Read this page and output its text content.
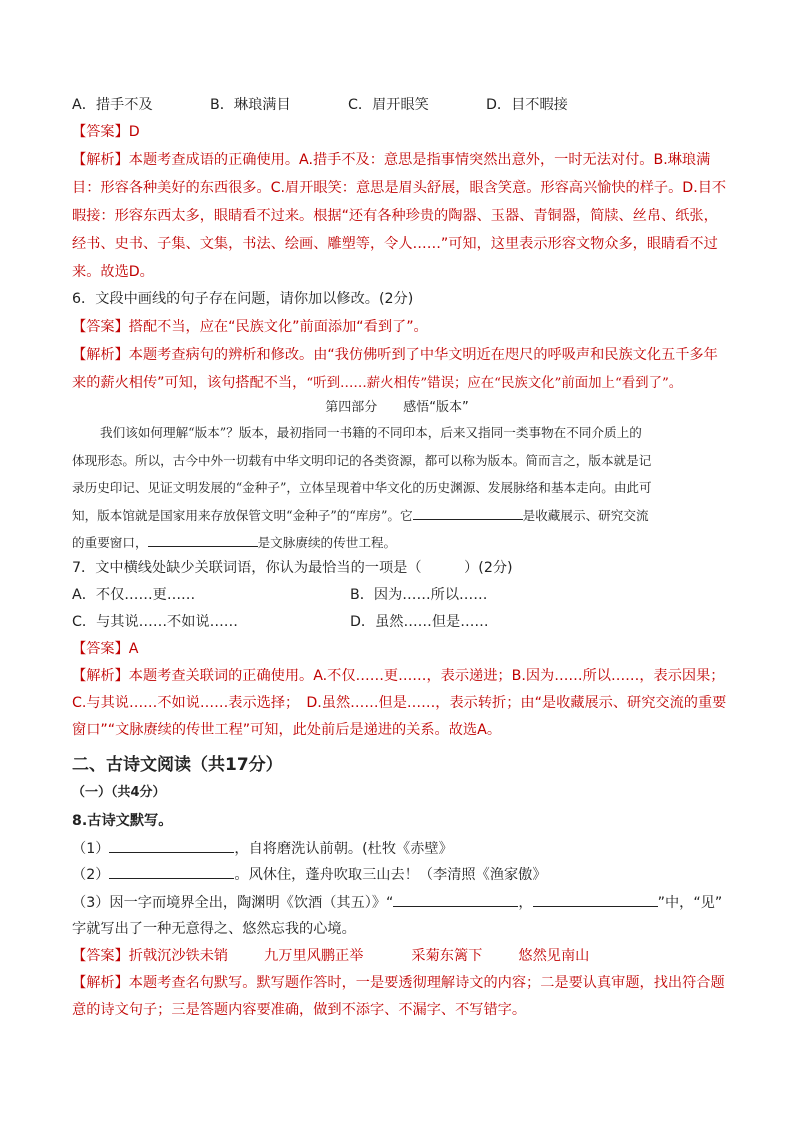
A．措手不及	B．琳琅满目	C．眉开眼笑	D．目不暇接
【答案】D
【解析】本题考查成语的正确使用。A.措手不及：意思是指事情突然出意外，一时无法对付。B.琳琅满
目：形容各种美好的东西很多。C.眉开眼笑：意思是眉头舒展，眼含笑意。形容高兴愉快的样子。D.目不
暇接：形容东西太多，眼睛看不过来。根据“还有各种珍贵的陶器、玉器、青铜器，简牍、丝帛、纸张，
经书、史书、子集、文集，书法、绘画、雕塑等，令人……”可知，这里表示形容文物众多，眼睛看不过
来。故选D。
6．文段中画线的句子存在问题，请你加以修改。(2分)
【答案】搭配不当，应在“民族文化”前面添加“看到了”。
【解析】本题考查病句的辨析和修改。由“我仿佛听到了中华文明近在咫尺的呼吸声和民族文化五千多年
来的薪火相传”可知，该句搭配不当，“听到……薪火相传”错误；应在“民族文化”前面加上“看到了”。
第四部分　　感悟“版本”
我们该如何理解“版本”？版本，最初指同一书籍的不同印本，后来又指同一类事物在不同介质上的
体现形态。所以，古今中外一切载有中华文明印记的各类资源，都可以称为版本。简而言之，版本就是记
录历史印记、见证文明发展的“金种子”，立体呈现着中华文化的历史渊源、发展脉络和基本走向。由此可
知，版本馆就是国家用来存放保管文明“金种子”的“库房”。它	是收藏展示、研究交流
的重要窗口，	是文脉赓续的传世工程。
7．文中横线处缺少关联词语，你认为最恰当的一项是（　　　）(2分)
A．不仅……更……	B．因为……所以……
C．与其说……不如说……	D．虽然……但是……
【答案】A
【解析】本题考查关联词的正确使用。A.不仅……更……，表示递进；B.因为……所以……，表示因果；
C.与其说……不如说……表示选择；　D.虽然……但是……，表示转折；由“是收藏展示、研究交流的重要
窗口”“文脉赓续的传世工程”可知，此处前后是递进的关系。故选A。
二、古诗文阅读（共17分）
（一）（共4分）
8.古诗文默写。
（1）	，自将磨洗认前朝。(杜牧《赤壁》
（2）	。风休住，蓬舟吹取三山去！（李清照《渔家傲》
（3）因一字而境界全出，陶渊明《饮酒（其五）》“	，	”中，“见”
字就写出了一种无意得之、悠然忘我的心境。
【答案】折戟沉沙铁未销	九万里风鹏正举	采菊东篱下	悠然见南山
【解析】本题考查名句默写。默写题作答时，一是要透彻理解诗文的内容；二是要认真审题，找出符合题
意的诗文句子；三是答题内容要准确，做到不添字、不漏字、不写错字。
